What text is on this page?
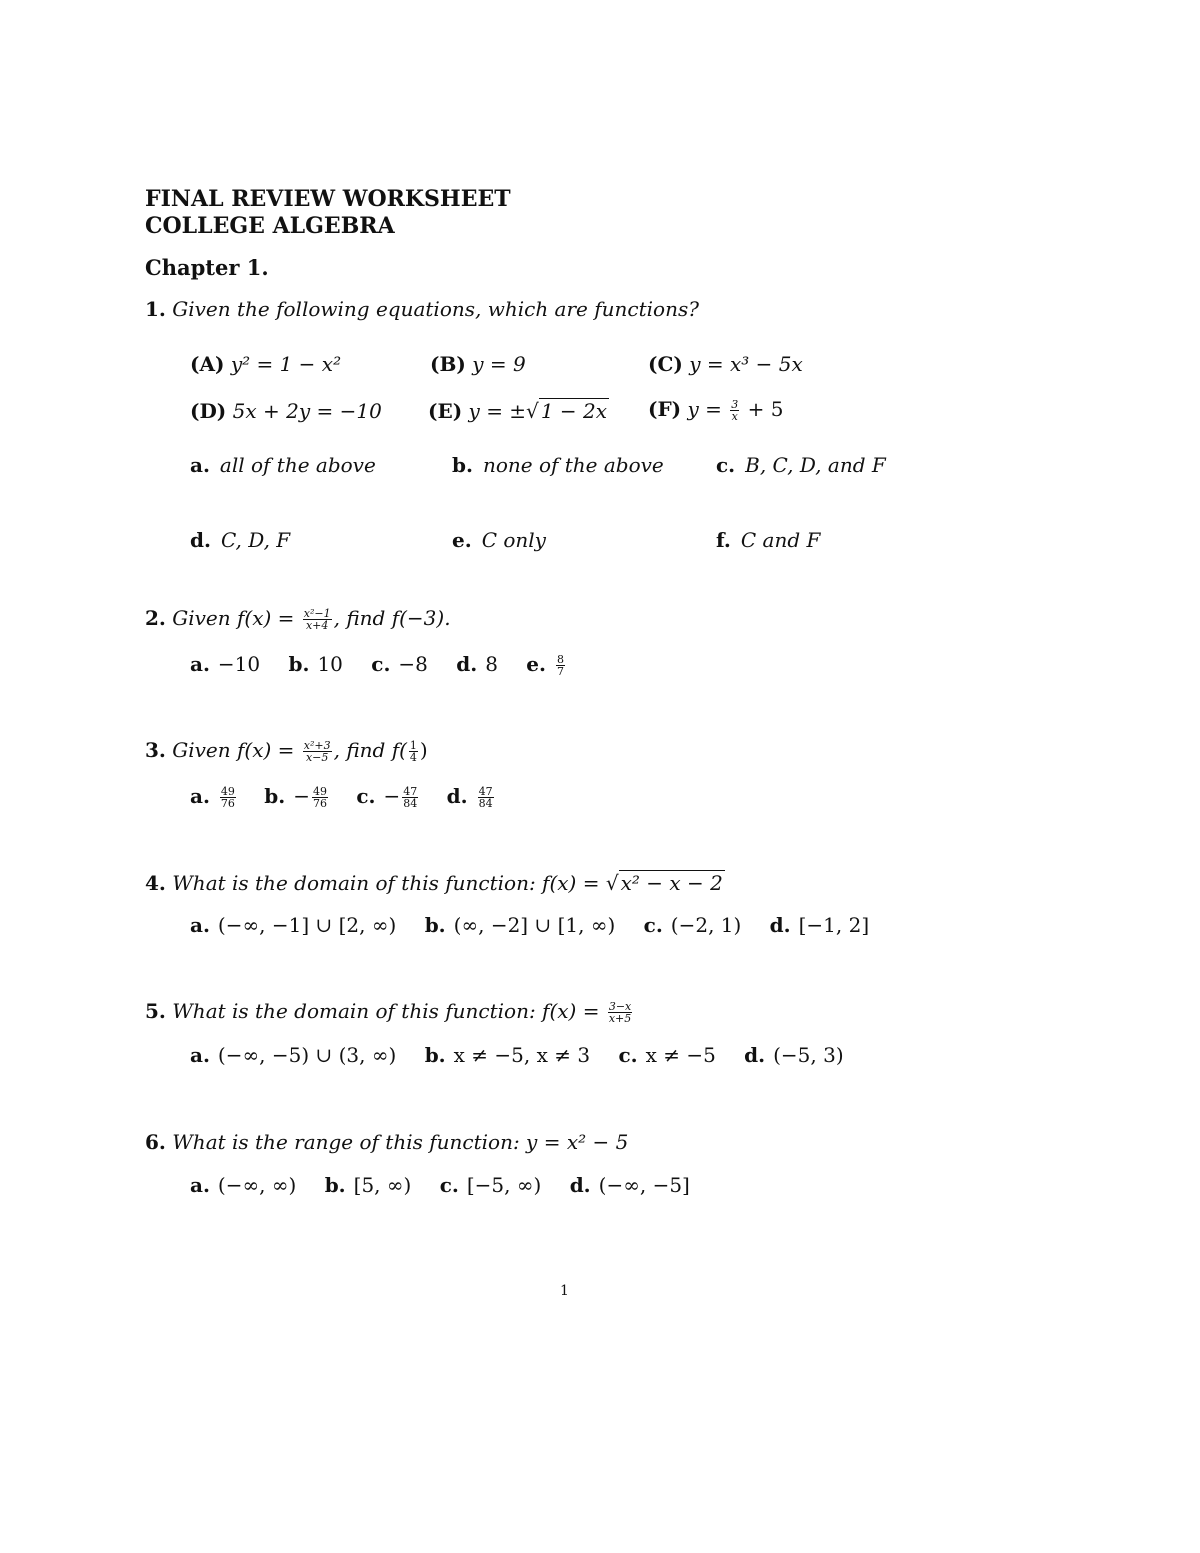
FINAL REVIEW WORKSHEET
COLLEGE ALGEBRA
Chapter 1.
1. Given the following equations, which are functions?
(A) y² = 1 − x²	(B) y = 9	(C) y = x³ − 5x
(D) 5x + 2y = −10 (E) y = ±√ 1 − 2x (F) $y = \frac{3}{x} + 5$
a. all of the above	b. none of the above	c. B, C, D, and F
d. C, D, F	e. C only	f. C and F
2. Given $f(x) = \frac{\text{x²−1}}{x+4}$ , find f(−3).
a. −10 b. 10 c. −8 d. 8 e. $\frac{8}{7}$
3. Given $f(x) = \frac{\text{x²+3}}{x-5}$ , find $f( \frac{1}{4}$ )
a. $\frac{49}{76} b$. − $\frac{49}{76} c$. − $\frac{47}{84} d$. $\frac{47}{84}$
4. What is the domain of this function: f(x) = √ x² − x − 2
a. (−∞, −1] ∪ [2, ∞) b. (∞, −2] ∪ [1, ∞) c. (−2, 1) d. [−1, 2]
5. What is the domain of this function: $f(x) = \frac{3-x}{x+5}$
a. (−∞, −5) ∪ (3, ∞) b. x ≠ −5, x ≠ 3 c. x ≠ −5 d. (−5, 3)
6. What is the range of this function: y = x² − 5
a. (−∞, ∞) b. [5, ∞) c. [−5, ∞) d. (−∞, −5]
1
